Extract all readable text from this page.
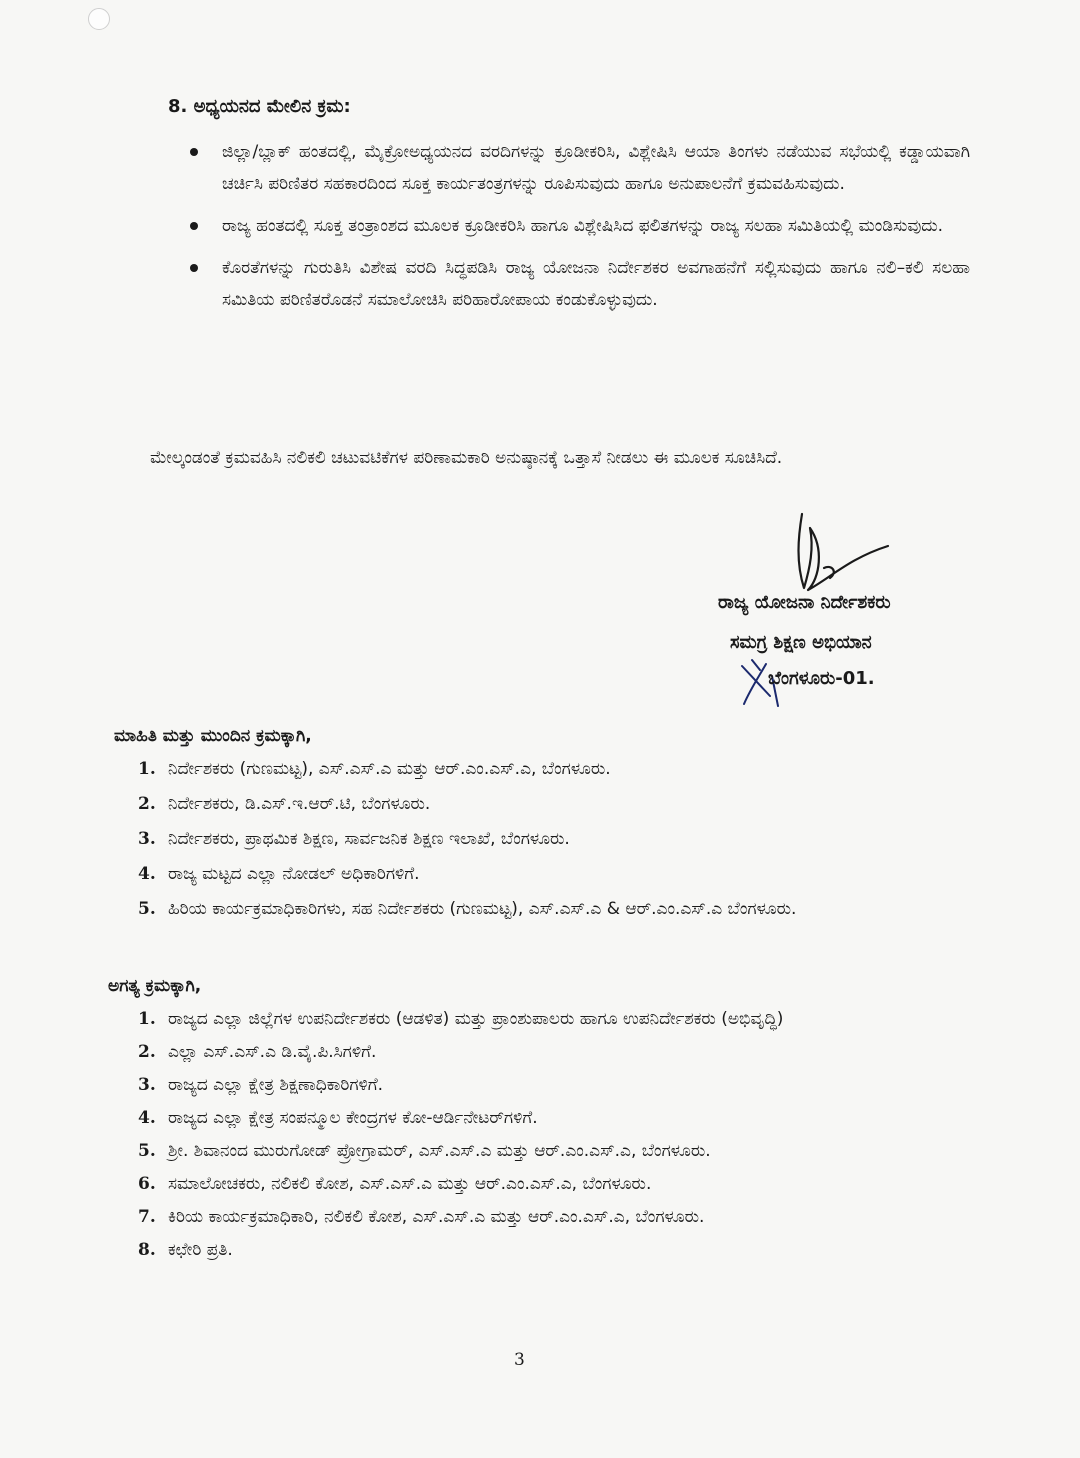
8. ಅಧ್ಯಯನದ ಮೇಲಿನ ಕ್ರಮ:
ಜಿಲ್ಲಾ/ಬ್ಲಾಕ್ ಹಂತದಲ್ಲಿ, ಮೈಕ್ರೋಅಧ್ಯಯನದ ವರದಿಗಳನ್ನು ಕ್ರೂಡೀಕರಿಸಿ, ವಿಶ್ಲೇಷಿಸಿ ಆಯಾ ತಿಂಗಳು ನಡೆಯುವ ಸಭೆಯಲ್ಲಿ ಕಡ್ಡಾಯವಾಗಿ ಚರ್ಚಿಸಿ ಪರಿಣಿತರ ಸಹಕಾರದಿಂದ ಸೂಕ್ತ ಕಾರ್ಯತಂತ್ರಗಳನ್ನು ರೂಪಿಸುವುದು ಹಾಗೂ ಅನುಪಾಲನೆಗೆ ಕ್ರಮವಹಿಸುವುದು.
ರಾಜ್ಯ ಹಂತದಲ್ಲಿ ಸೂಕ್ತ ತಂತ್ರಾಂಶದ ಮೂಲಕ ಕ್ರೂಡೀಕರಿಸಿ ಹಾಗೂ ವಿಶ್ಲೇಷಿಸಿದ ಫಲಿತಗಳನ್ನು ರಾಜ್ಯ ಸಲಹಾ ಸಮಿತಿಯಲ್ಲಿ ಮಂಡಿಸುವುದು.
ಕೊರತೆಗಳನ್ನು ಗುರುತಿಸಿ ವಿಶೇಷ ವರದಿ ಸಿದ್ಧಪಡಿಸಿ ರಾಜ್ಯ ಯೋಜನಾ ನಿರ್ದೇಶಕರ ಅವಗಾಹನೆಗೆ ಸಲ್ಲಿಸುವುದು ಹಾಗೂ ನಲಿ–ಕಲಿ ಸಲಹಾ ಸಮಿತಿಯ ಪರಿಣಿತರೊಡನೆ ಸಮಾಲೋಚಿಸಿ ಪರಿಹಾರೋಪಾಯ ಕಂಡುಕೊಳ್ಳುವುದು.

ಮೇಲ್ಕಂಡಂತೆ ಕ್ರಮವಹಿಸಿ ನಲಿಕಲಿ ಚಟುವಟಿಕೆಗಳ ಪರಿಣಾಮಕಾರಿ ಅನುಷ್ಠಾನಕ್ಕೆ ಒತ್ತಾಸೆ ನೀಡಲು ಈ ಮೂಲಕ ಸೂಚಿಸಿದೆ.

ರಾಜ್ಯ ಯೋಜನಾ ನಿರ್ದೇಶಕರು
ಸಮಗ್ರ ಶಿಕ್ಷಣ ಅಭಿಯಾನ
ಬೆಂಗಳೂರು-01.
ಮಾಹಿತಿ ಮತ್ತು ಮುಂದಿನ ಕ್ರಮಕ್ಕಾಗಿ,
1. ನಿರ್ದೇಶಕರು (ಗುಣಮಟ್ಟ), ಎಸ್.ಎಸ್.ಎ ಮತ್ತು ಆರ್.ಎಂ.ಎಸ್.ಎ, ಬೆಂಗಳೂರು.
2. ನಿರ್ದೇಶಕರು, ಡಿ.ಎಸ್.ಇ.ಆರ್.ಟಿ, ಬೆಂಗಳೂರು.
3. ನಿರ್ದೇಶಕರು, ಪ್ರಾಥಮಿಕ ಶಿಕ್ಷಣ, ಸಾರ್ವಜನಿಕ ಶಿಕ್ಷಣ ಇಲಾಖೆ, ಬೆಂಗಳೂರು.
4. ರಾಜ್ಯ ಮಟ್ಟದ ಎಲ್ಲಾ ನೋಡಲ್ ಅಧಿಕಾರಿಗಳಿಗೆ.
5. ಹಿರಿಯ ಕಾರ್ಯಕ್ರಮಾಧಿಕಾರಿಗಳು, ಸಹ ನಿರ್ದೇಶಕರು (ಗುಣಮಟ್ಟ), ಎಸ್.ಎಸ್.ಎ & ಆರ್.ಎಂ.ಎಸ್.ಎ ಬೆಂಗಳೂರು.
ಅಗತ್ಯ ಕ್ರಮಕ್ಕಾಗಿ,
1. ರಾಜ್ಯದ ಎಲ್ಲಾ ಜಿಲ್ಲೆಗಳ ಉಪನಿರ್ದೇಶಕರು (ಆಡಳಿತ) ಮತ್ತು ಪ್ರಾಂಶುಪಾಲರು ಹಾಗೂ ಉಪನಿರ್ದೇಶಕರು (ಅಭಿವೃದ್ಧಿ)
2. ಎಲ್ಲಾ ಎಸ್.ಎಸ್.ಎ ಡಿ.ವೈ.ಪಿ.ಸಿಗಳಿಗೆ.
3. ರಾಜ್ಯದ ಎಲ್ಲಾ ಕ್ಷೇತ್ರ ಶಿಕ್ಷಣಾಧಿಕಾರಿಗಳಿಗೆ.
4. ರಾಜ್ಯದ ಎಲ್ಲಾ ಕ್ಷೇತ್ರ ಸಂಪನ್ಮೂಲ ಕೇಂದ್ರಗಳ ಕೋ-ಆರ್ಡಿನೇಟರ್‌ಗಳಿಗೆ.
5. ಶ್ರೀ. ಶಿವಾನಂದ ಮುರುಗೋಡ್ ಪ್ರೋಗ್ರಾಮರ್, ಎಸ್.ಎಸ್.ಎ ಮತ್ತು ಆರ್.ಎಂ.ಎಸ್.ಎ, ಬೆಂಗಳೂರು.
6. ಸಮಾಲೋಚಕರು, ನಲಿಕಲಿ ಕೋಶ, ಎಸ್.ಎಸ್.ಎ ಮತ್ತು ಆರ್.ಎಂ.ಎಸ್.ಎ, ಬೆಂಗಳೂರು.
7. ಕಿರಿಯ ಕಾರ್ಯಕ್ರಮಾಧಿಕಾರಿ, ನಲಿಕಲಿ ಕೋಶ, ಎಸ್.ಎಸ್.ಎ ಮತ್ತು ಆರ್.ಎಂ.ಎಸ್.ಎ, ಬೆಂಗಳೂರು.
8. ಕಛೇರಿ ಪ್ರತಿ.
3
